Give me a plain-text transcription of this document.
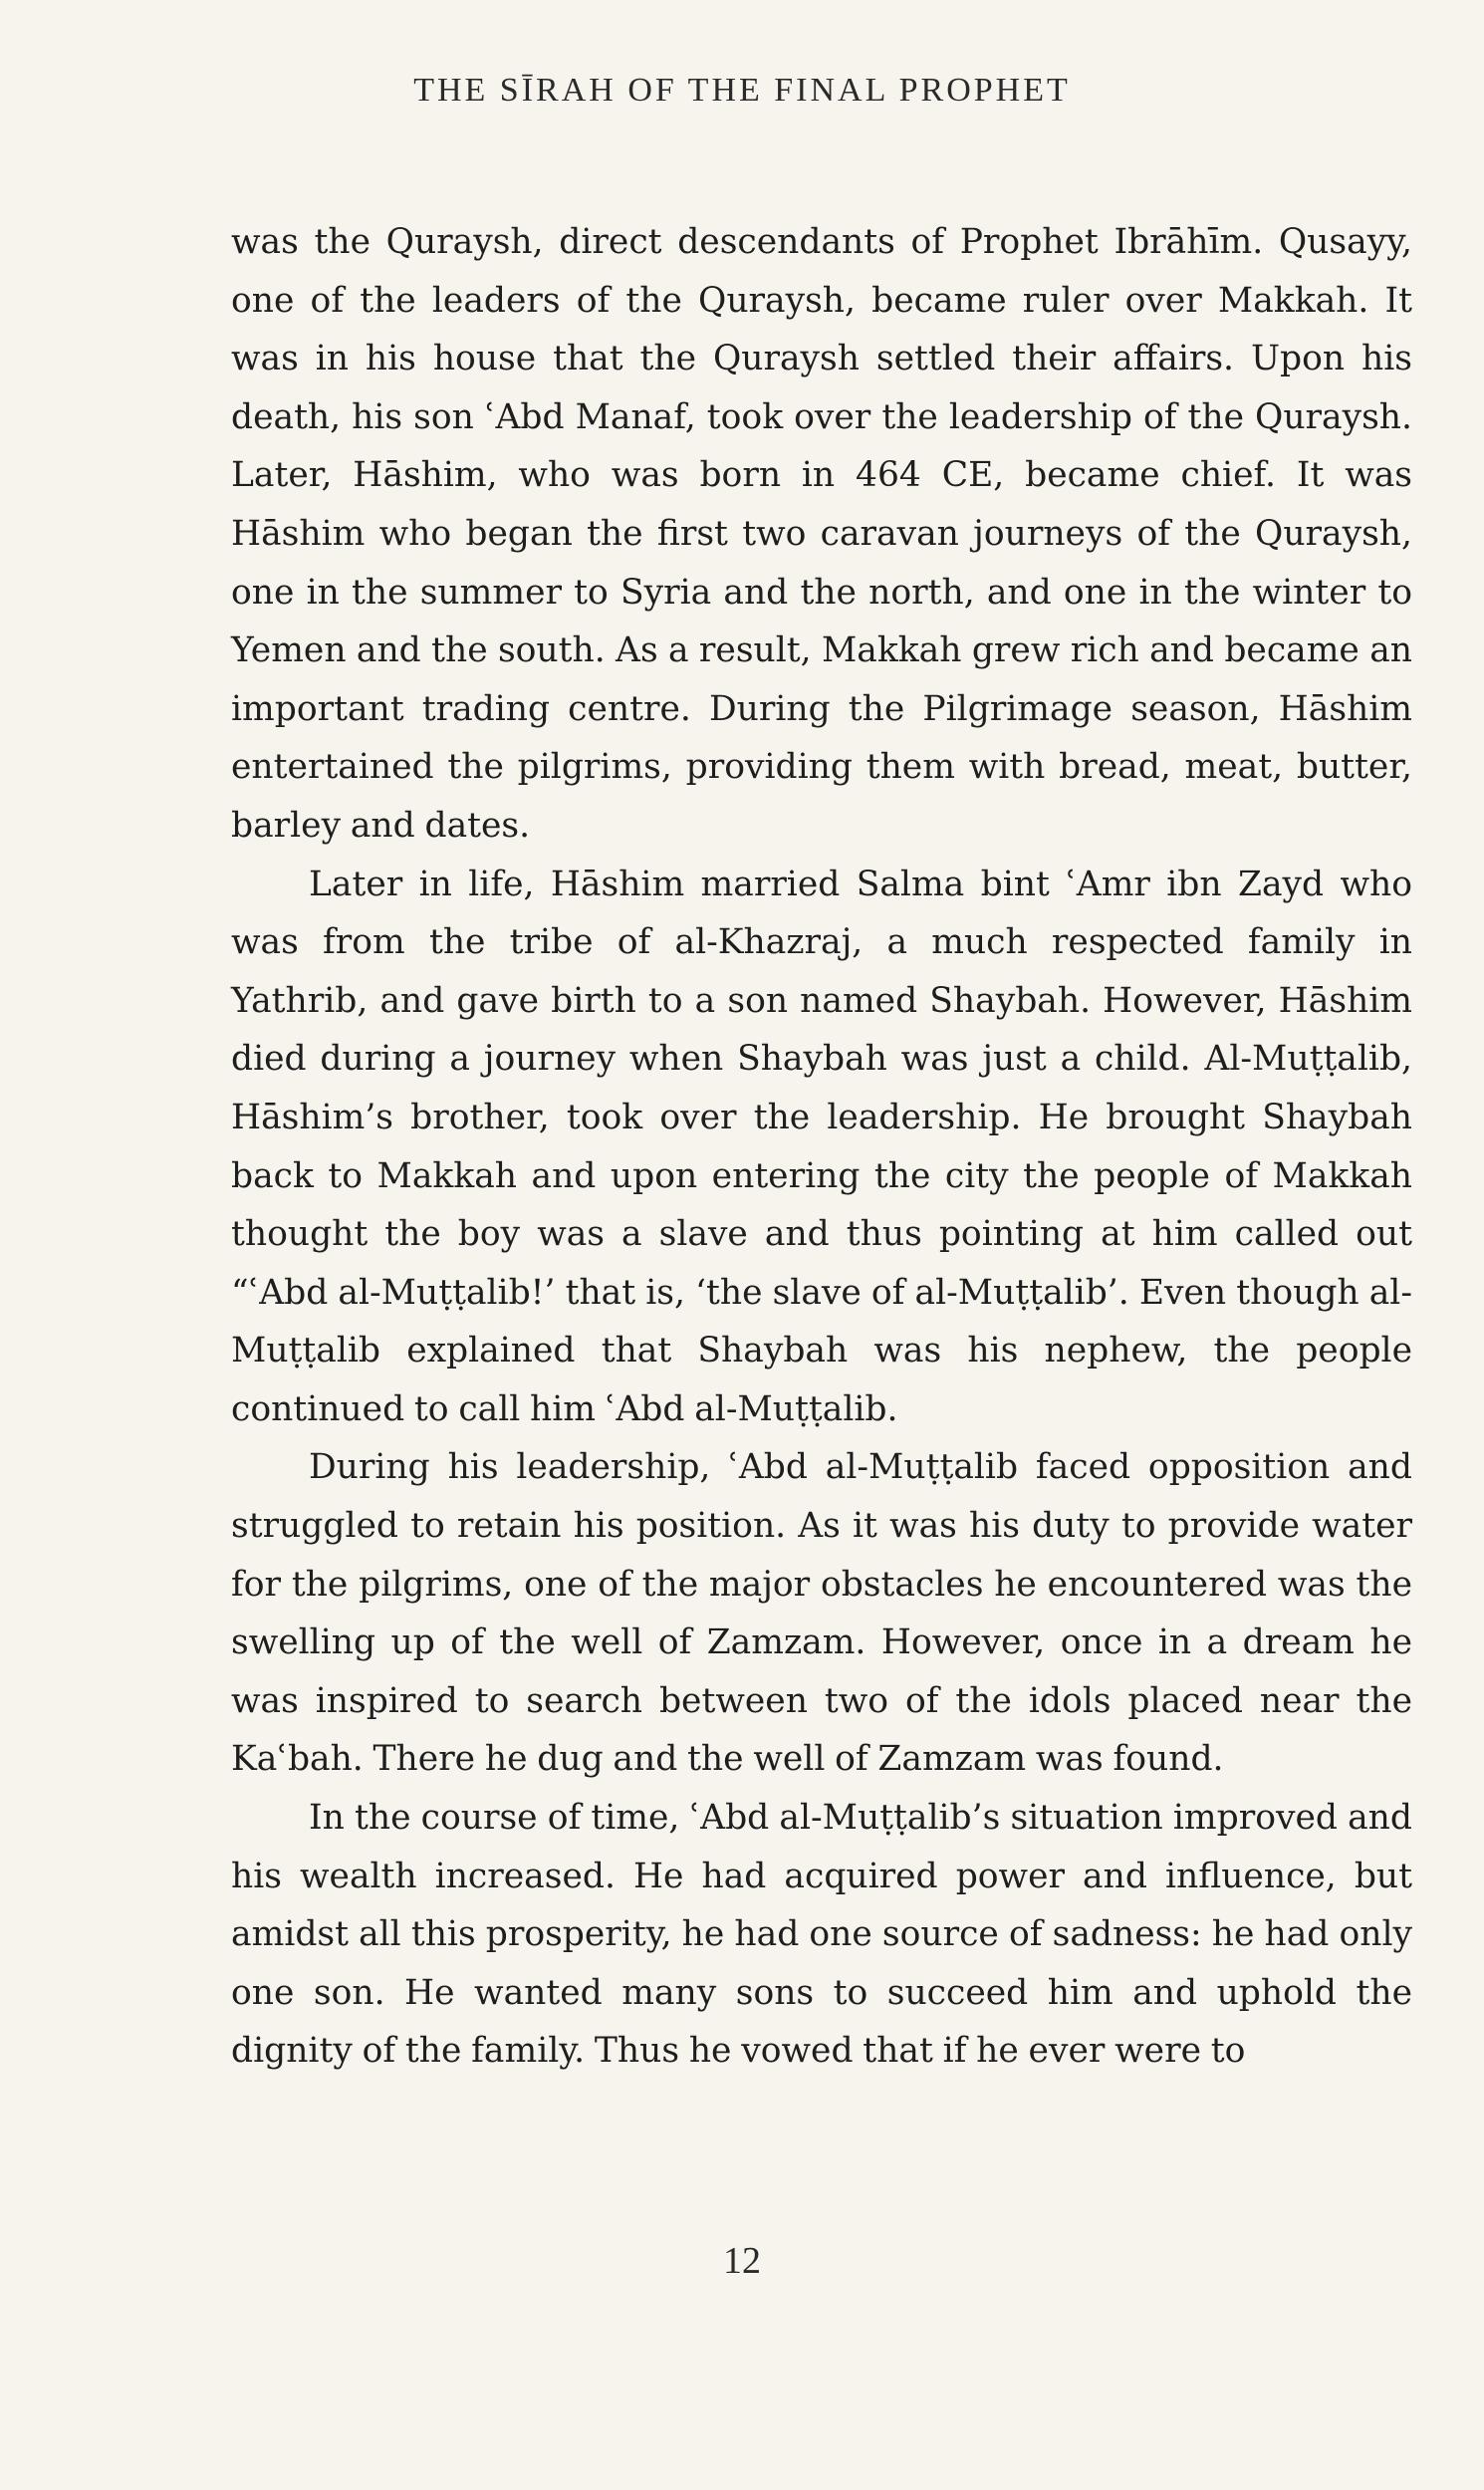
THE SĪRAH OF THE FINAL PROPHET

was the Quraysh, direct descendants of Prophet Ibrāhīm. Qusayy, one of the leaders of the Quraysh, became ruler over Makkah. It was in his house that the Quraysh settled their affairs. Upon his death, his son ʿAbd Manaf, took over the leadership of the Quraysh. Later, Hāshim, who was born in 464 CE, became chief. It was Hāshim who began the first two caravan journeys of the Quraysh, one in the summer to Syria and the north, and one in the winter to Yemen and the south. As a result, Makkah grew rich and became an important trading centre. During the Pilgrimage season, Hāshim entertained the pilgrims, providing them with bread, meat, butter, barley and dates.

Later in life, Hāshim married Salma bint ʿAmr ibn Zayd who was from the tribe of al-Khazraj, a much respected family in Yathrib, and gave birth to a son named Shaybah. However, Hāshim died during a journey when Shaybah was just a child. Al-Muṭṭalib, Hāshim’s brother, took over the leadership. He brought Shaybah back to Makkah and upon entering the city the people of Makkah thought the boy was a slave and thus pointing at him called out “ʿAbd al-Muṭṭalib!’ that is, ‘the slave of al-Muṭṭalib’. Even though al-Muṭṭalib explained that Shaybah was his nephew, the people continued to call him ʿAbd al-Muṭṭalib.

During his leadership, ʿAbd al-Muṭṭalib faced opposition and struggled to retain his position. As it was his duty to provide water for the pilgrims, one of the major obstacles he encountered was the swelling up of the well of Zamzam. However, once in a dream he was inspired to search between two of the idols placed near the Kaʿbah. There he dug and the well of Zamzam was found.

In the course of time, ʿAbd al-Muṭṭalib’s situation improved and his wealth increased. He had acquired power and influence, but amidst all this prosperity, he had one source of sadness: he had only one son. He wanted many sons to succeed him and uphold the dignity of the family. Thus he vowed that if he ever were to

12
